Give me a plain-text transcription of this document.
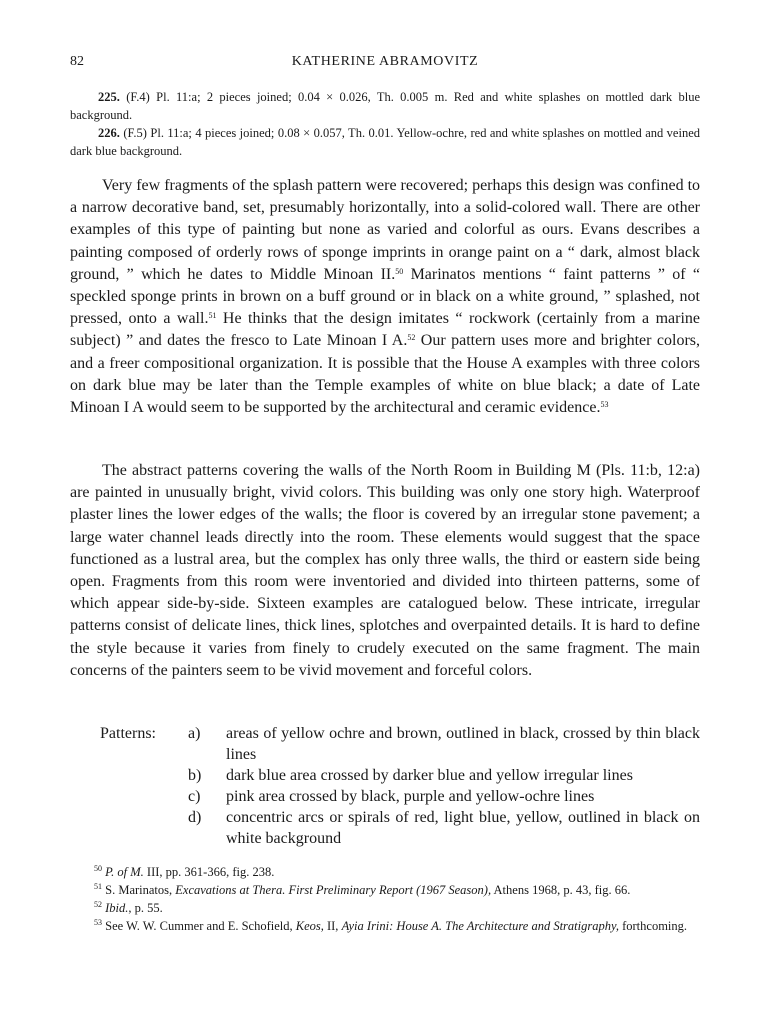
82	KATHERINE ABRAMOVITZ

225. (F.4) Pl. 11:a; 2 pieces joined; 0.04 × 0.026, Th. 0.005 m. Red and white splashes on mottled dark blue background.

226. (F.5) Pl. 11:a; 4 pieces joined; 0.08 × 0.057, Th. 0.01. Yellow-ochre, red and white splashes on mottled and veined dark blue background.

Very few fragments of the splash pattern were recovered; perhaps this design was confined to a narrow decorative band, set, presumably horizontally, into a solid-colored wall. There are other examples of this type of painting but none as varied and colorful as ours. Evans describes a painting composed of orderly rows of sponge imprints in orange paint on a “ dark, almost black ground, ” which he dates to Middle Minoan II.$^{50}$ Marinatos mentions “ faint patterns ” of “ speckled sponge prints in brown on a buff ground or in black on a white ground, ” splashed, not pressed, onto a wall.$^{51}$ He thinks that the design imitates “ rockwork (certainly from a marine subject) ” and dates the fresco to Late Minoan I A.$^{52}$ Our pattern uses more and brighter colors, and a freer compositional organization. It is possible that the House A examples with three colors on dark blue may be later than the Temple examples of white on blue black; a date of Late Minoan I A would seem to be supported by the architectural and ceramic evidence.$^{53}$

The abstract patterns covering the walls of the North Room in Building M (Pls. 11:b, 12:a) are painted in unusually bright, vivid colors. This building was only one story high. Waterproof plaster lines the lower edges of the walls; the floor is covered by an irregular stone pavement; a large water channel leads directly into the room. These elements would suggest that the space functioned as a lustral area, but the complex has only three walls, the third or eastern side being open. Fragments from this room were inventoried and divided into thirteen patterns, some of which appear side-by-side. Sixteen examples are catalogued below. These intricate, irregular patterns consist of delicate lines, thick lines, splotches and overpainted details. It is hard to define the style because it varies from finely to crudely executed on the same fragment. The main concerns of the painters seem to be vivid movement and forceful colors.

Patterns: a) areas of yellow ochre and brown, outlined in black, crossed by thin black lines
b) dark blue area crossed by darker blue and yellow irregular lines
c) pink area crossed by black, purple and yellow-ochre lines
d) concentric arcs or spirals of red, light blue, yellow, outlined in black on white background

$^{50}$ P. of M. III, pp. 361-366, fig. 238.

$^{51}$ S. Marinatos, Excavations at Thera. First Preliminary Report (1967 Season), Athens 1968, p. 43, fig. 66.

$^{52}$ Ibid., p. 55.

$^{53}$ See W. W. Cummer and E. Schofield, Keos, II, Ayia Irini: House A. The Architecture and Stratigraphy, forthcoming.
